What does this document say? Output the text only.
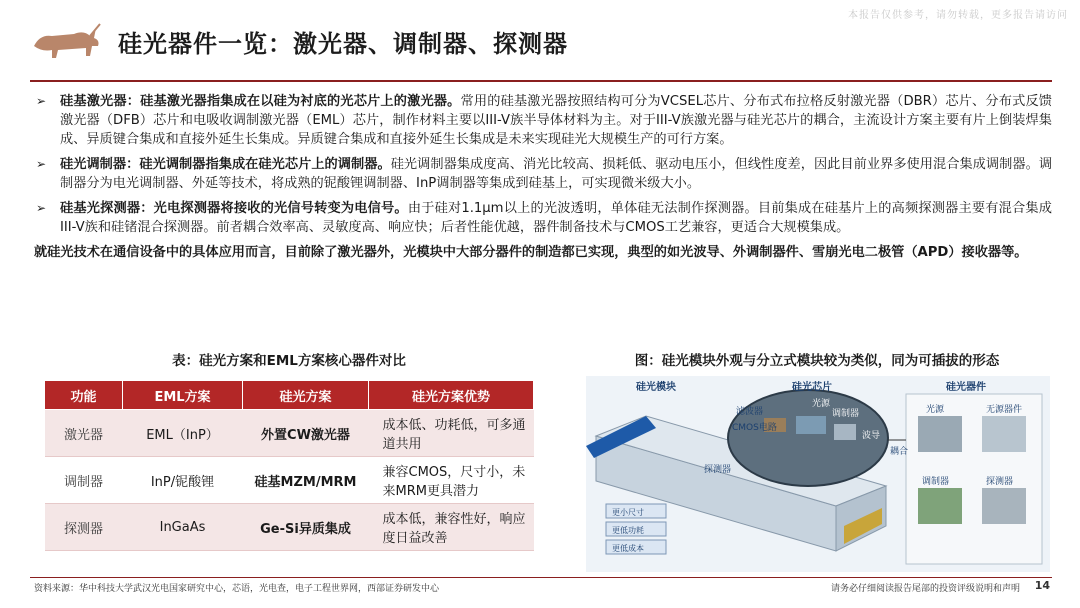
本报告仅供参考，请勿转载，更多报告请访问
硅光器件一览：激光器、调制器、探测器
➢ 硅基激光器：硅基激光器指集成在以硅为衬底的光芯片上的激光器。常用的硅基激光器按照结构可分为VCSEL芯片、分布式布拉格反射激光器（DBR）芯片、分布式反馈激光器（DFB）芯片和电吸收调制激光器（EML）芯片，制作材料主要以III-V族半导体材料为主。对于III-V族激光器与硅光芯片的耦合，主流设计方案主要有片上倒装焊集成、异质键合集成和直接外延生长集成。异质键合集成和直接外延生长集成是未来实现硅光大规模生产的可行方案。
➢ 硅光调制器：硅光调制器指集成在硅光芯片上的调制器。硅光调制器集成度高、消光比较高、损耗低、驱动电压小，但线性度差，因此目前业界多使用混合集成调制器。调制器分为电光调制器、外延等技术，将成熟的铌酸锂调制器、InP调制器等集成到硅基上，可实现微米级大小。
➢ 硅基光探测器：光电探测器将接收的光信号转变为电信号。由于硅对1.1μm以上的光波透明，单体硅无法制作探测器。目前集成在硅基片上的高频探测器主要有混合集成III-V族和硅锗混合探测器。前者耦合效率高、灵敏度高、响应快；后者性能优越，器件制备技术与CMOS工艺兼容，更适合大规模集成。
就硅光技术在通信设备中的具体应用而言，目前除了激光器外，光模块中大部分器件的制造都已实现，典型的如光波导、外调制器件、雪崩光电二极管（APD）接收器等。
表：硅光方案和EML方案核心器件对比	图：硅光模块外观与分立式模块较为类似，同为可插拔的形态
功能	EML方案	硅光方案	硅光方案优势
激光器	EML（InP）	外置CW激光器	成本低、功耗低，可多通道共用
调制器	InP/铌酸锂	硅基MZM/MRM	兼容CMOS，尺寸小，未来MRM更具潜力
探测器	InGaAs	Ge-Si异质集成	成本低，兼容性好，响应度日益改善
硅光模块	硅光芯片	硅光器件
光源
滤波器	调制器
CMOS电路
波导
耦合
探测器
光源	无源器件
调制器	探测器
更小尺寸
更低功耗
更低成本
资料来源：华中科技大学武汉光电国家研究中心，芯语，光电查，电子工程世界网，西部证券研发中心	请务必仔细阅读报告尾部的投资评级说明和声明 14
